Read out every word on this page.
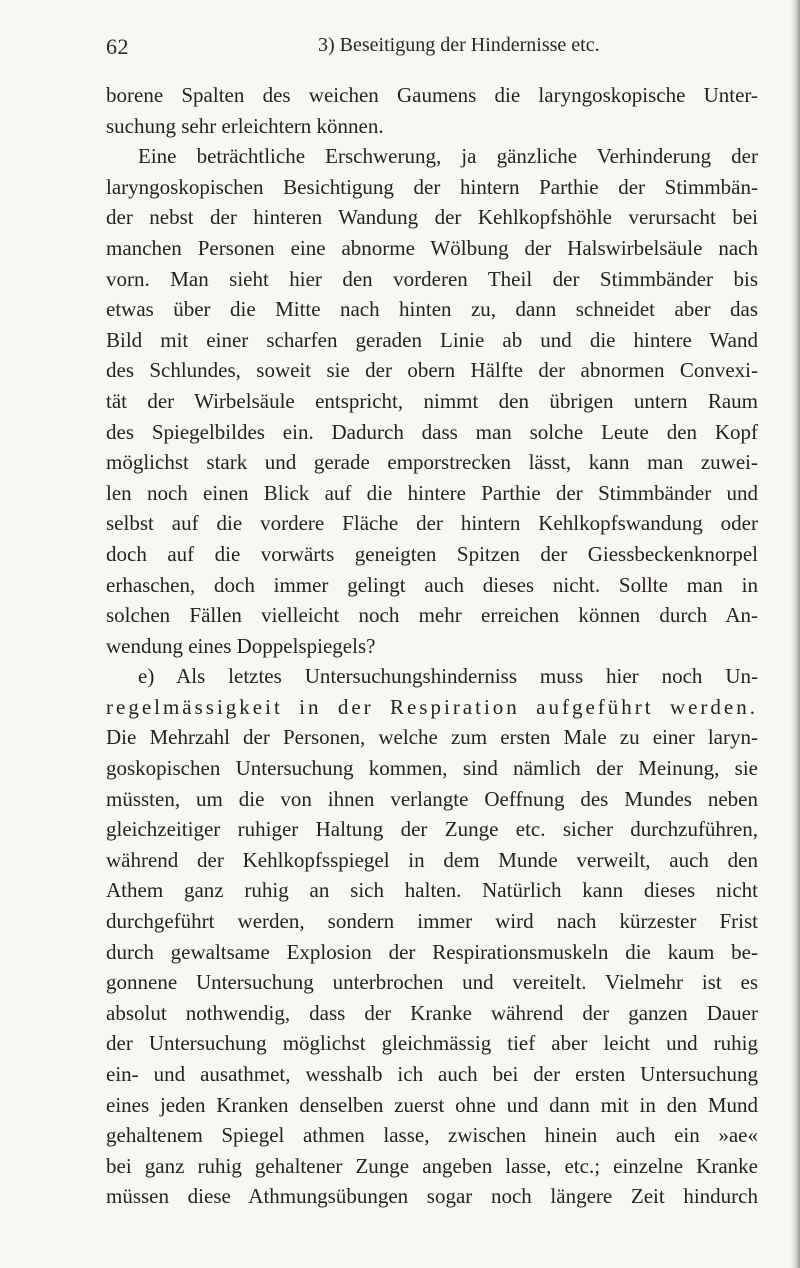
62	3) Beseitigung der Hindernisse etc.
borene Spalten des weichen Gaumens die laryngoskopische Unter-
suchung sehr erleichtern können.
Eine beträchtliche Erschwerung, ja gänzliche Verhinderung der
laryngoskopischen Besichtigung der hintern Parthie der Stimmbän-
der nebst der hinteren Wandung der Kehlkopfshöhle verursacht bei
manchen Personen eine abnorme Wölbung der Halswirbelsäule nach
vorn. Man sieht hier den vorderen Theil der Stimmbänder bis
etwas über die Mitte nach hinten zu, dann schneidet aber das
Bild mit einer scharfen geraden Linie ab und die hintere Wand
des Schlundes, soweit sie der obern Hälfte der abnormen Convexi-
tät der Wirbelsäule entspricht, nimmt den übrigen untern Raum
des Spiegelbildes ein. Dadurch dass man solche Leute den Kopf
möglichst stark und gerade emporstrecken lässt, kann man zuwei-
len noch einen Blick auf die hintere Parthie der Stimmbänder und
selbst auf die vordere Fläche der hintern Kehlkopfswandung oder
doch auf die vorwärts geneigten Spitzen der Giessbeckenknorpel
erhaschen, doch immer gelingt auch dieses nicht. Sollte man in
solchen Fällen vielleicht noch mehr erreichen können durch An-
wendung eines Doppelspiegels?
e) Als letztes Untersuchungshinderniss muss hier noch Un-
regelmässigkeit in der Respiration aufgeführt werden.
Die Mehrzahl der Personen, welche zum ersten Male zu einer laryn-
goskopischen Untersuchung kommen, sind nämlich der Meinung, sie
müssten, um die von ihnen verlangte Oeffnung des Mundes neben
gleichzeitiger ruhiger Haltung der Zunge etc. sicher durchzuführen,
während der Kehlkopfsspiegel in dem Munde verweilt, auch den
Athem ganz ruhig an sich halten. Natürlich kann dieses nicht
durchgeführt werden, sondern immer wird nach kürzester Frist
durch gewaltsame Explosion der Respirationsmuskeln die kaum be-
gonnene Untersuchung unterbrochen und vereitelt. Vielmehr ist es
absolut nothwendig, dass der Kranke während der ganzen Dauer
der Untersuchung möglichst gleichmässig tief aber leicht und ruhig
ein- und ausathmet, wesshalb ich auch bei der ersten Untersuchung
eines jeden Kranken denselben zuerst ohne und dann mit in den Mund
gehaltenem Spiegel athmen lasse, zwischen hinein auch ein »ae«
bei ganz ruhig gehaltener Zunge angeben lasse, etc.; einzelne Kranke
müssen diese Athmungsübungen sogar noch längere Zeit hindurch
